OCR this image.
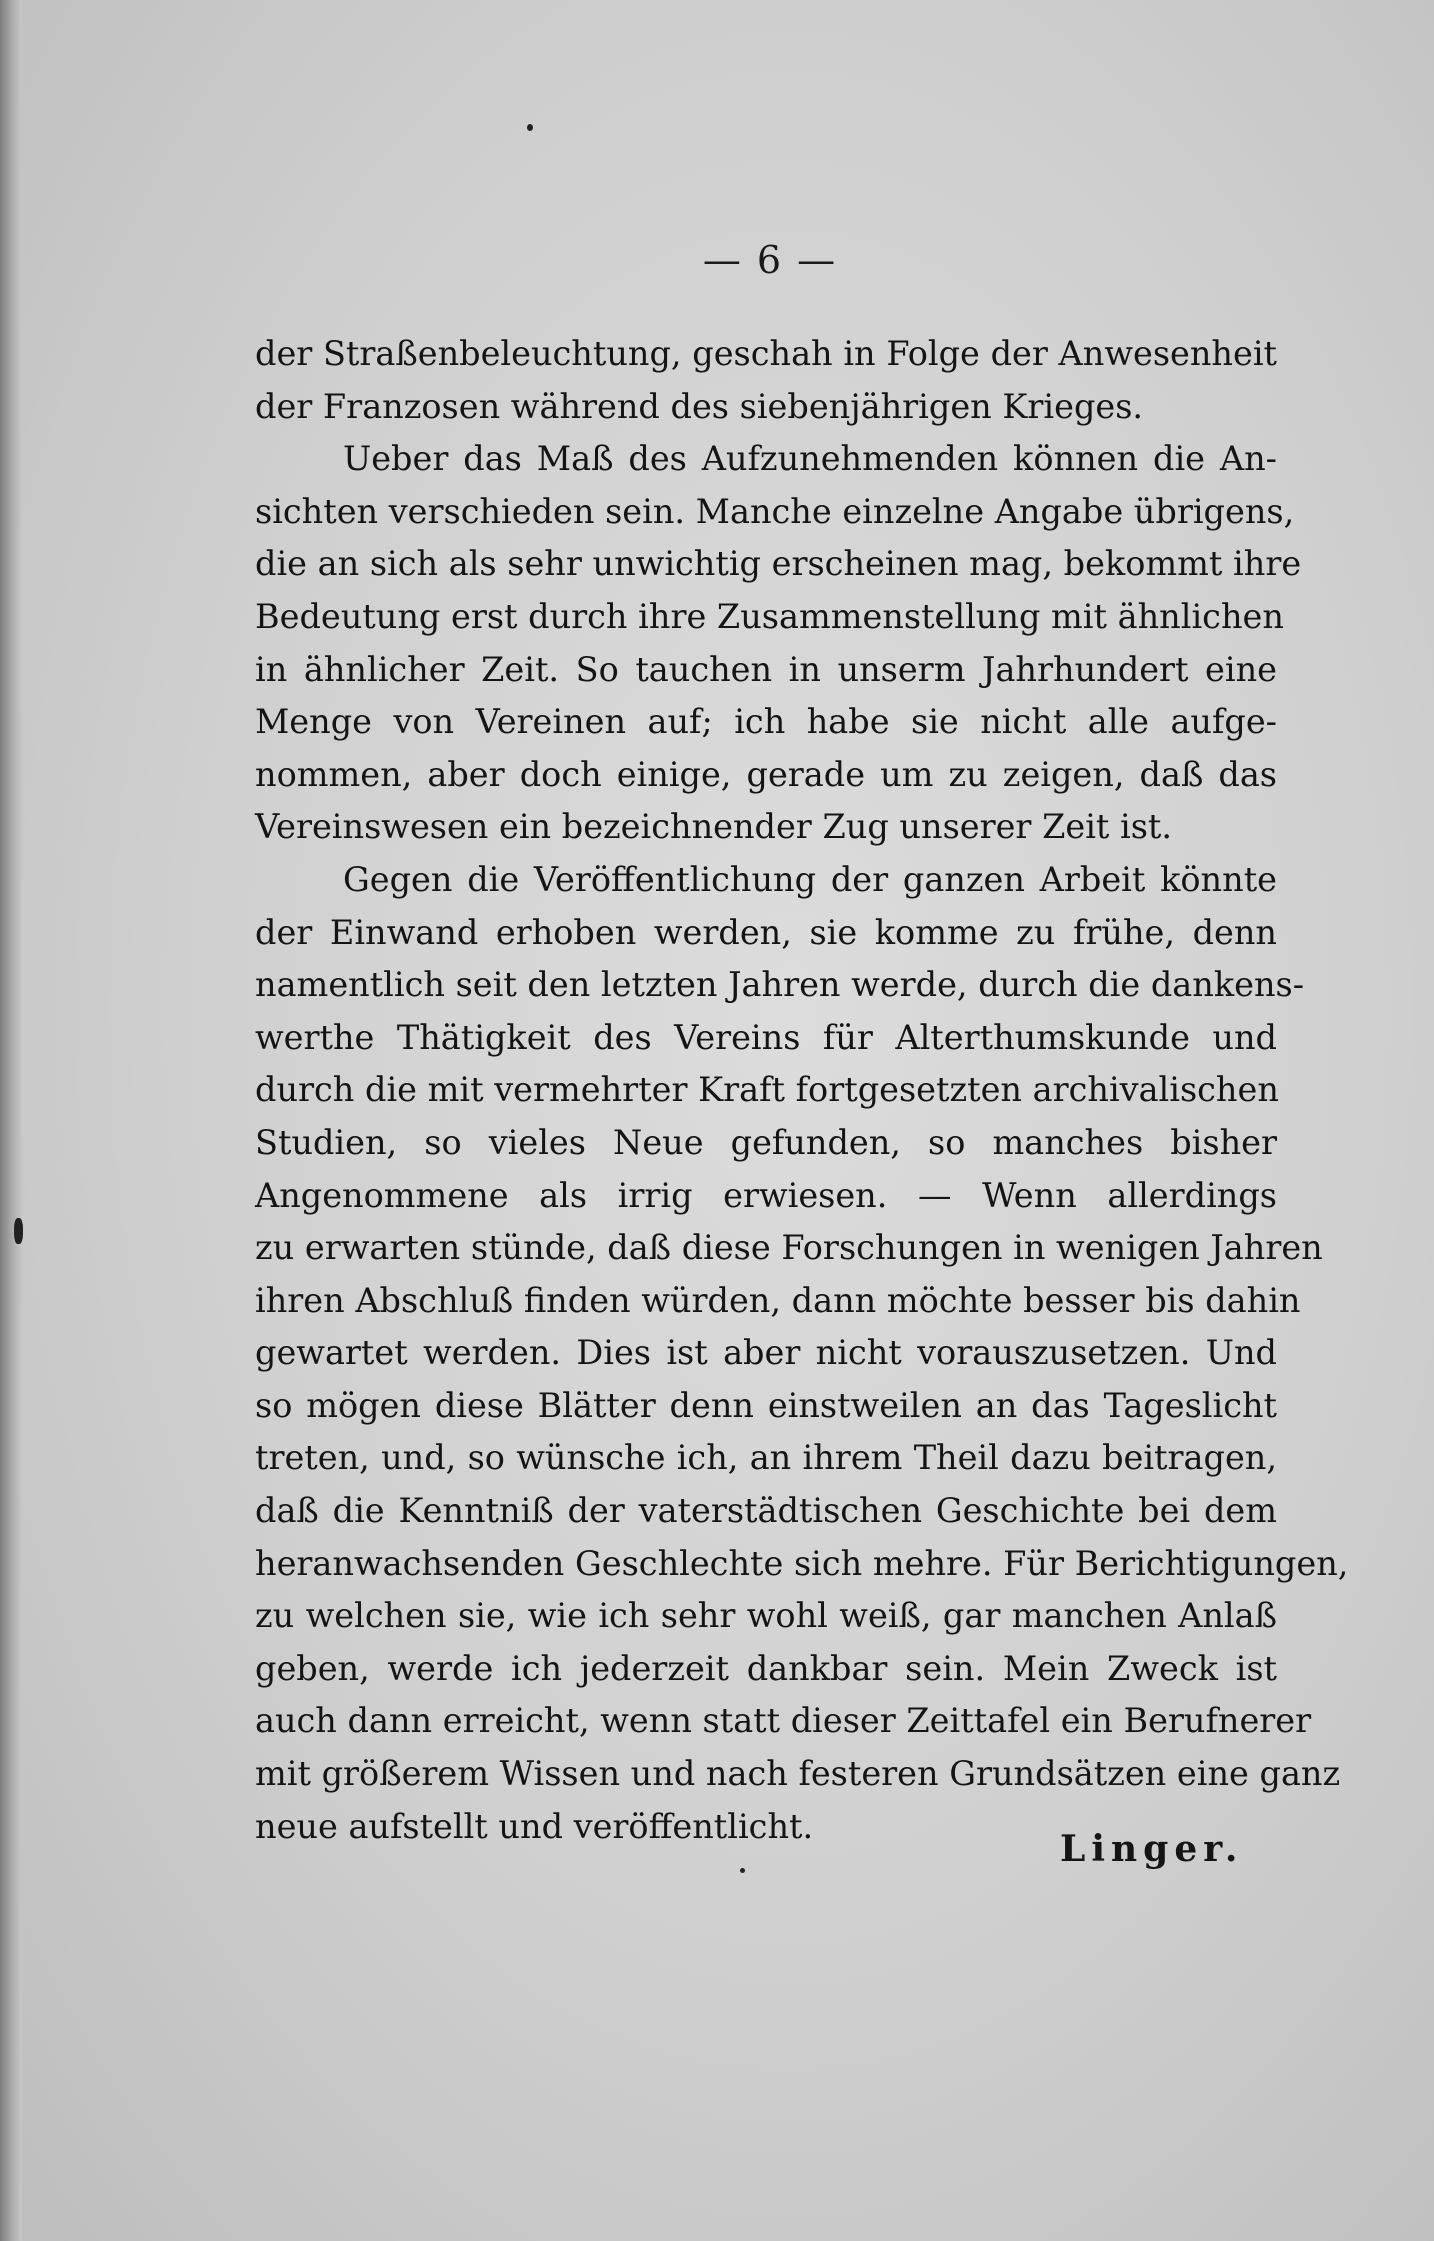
— 6 —
der Straßenbeleuchtung, geschah in Folge der Anwesenheit
der Franzosen während des siebenjährigen Krieges.
Ueber das Maß des Aufzunehmenden können die An-
sichten verschieden sein. Manche einzelne Angabe übrigens,
die an sich als sehr unwichtig erscheinen mag, bekommt ihre
Bedeutung erst durch ihre Zusammenstellung mit ähnlichen
in ähnlicher Zeit. So tauchen in unserm Jahrhundert eine
Menge von Vereinen auf; ich habe sie nicht alle aufge-
nommen, aber doch einige, gerade um zu zeigen, daß das
Vereinswesen ein bezeichnender Zug unserer Zeit ist.
Gegen die Veröffentlichung der ganzen Arbeit könnte
der Einwand erhoben werden, sie komme zu frühe, denn
namentlich seit den letzten Jahren werde, durch die dankens-
werthe Thätigkeit des Vereins für Alterthumskunde und
durch die mit vermehrter Kraft fortgesetzten archivalischen
Studien, so vieles Neue gefunden, so manches bisher
Angenommene als irrig erwiesen. — Wenn allerdings
zu erwarten stünde, daß diese Forschungen in wenigen Jahren
ihren Abschluß finden würden, dann möchte besser bis dahin
gewartet werden. Dies ist aber nicht vorauszusetzen. Und
so mögen diese Blätter denn einstweilen an das Tageslicht
treten, und, so wünsche ich, an ihrem Theil dazu beitragen,
daß die Kenntniß der vaterstädtischen Geschichte bei dem
heranwachsenden Geschlechte sich mehre. Für Berichtigungen,
zu welchen sie, wie ich sehr wohl weiß, gar manchen Anlaß
geben, werde ich jederzeit dankbar sein. Mein Zweck ist
auch dann erreicht, wenn statt dieser Zeittafel ein Berufnerer
mit größerem Wissen und nach festeren Grundsätzen eine ganz
neue aufstellt und veröffentlicht.
Linger.
